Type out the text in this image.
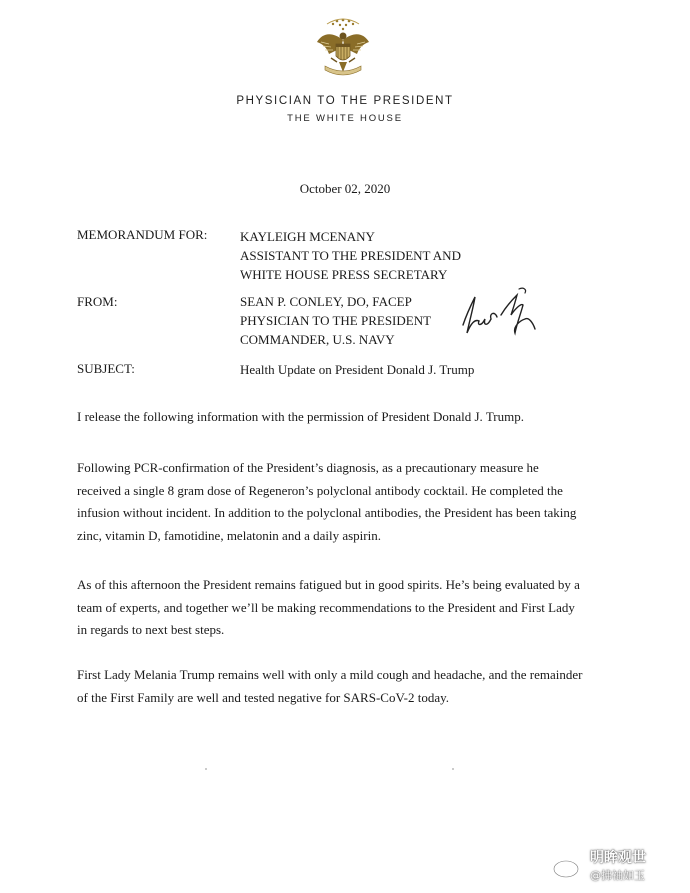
PHYSICIAN TO THE PRESIDENT
THE WHITE HOUSE
October 02, 2020
MEMORANDUM FOR:	KAYLEIGH MCENANY
ASSISTANT TO THE PRESIDENT AND
WHITE HOUSE PRESS SECRETARY
FROM:	SEAN P. CONLEY, DO, FACEP
PHYSICIAN TO THE PRESIDENT
COMMANDER, U.S. NAVY
SUBJECT:	Health Update on President Donald J. Trump
I release the following information with the permission of President Donald J. Trump.
Following PCR-confirmation of the President’s diagnosis, as a precautionary measure he
received a single 8 gram dose of Regeneron’s polyclonal antibody cocktail. He completed the
infusion without incident. In addition to the polyclonal antibodies, the President has been taking
zinc, vitamin D, famotidine, melatonin and a daily aspirin.
As of this afternoon the President remains fatigued but in good spirits. He’s being evaluated by a
team of experts, and together we’ll be making recommendations to the President and First Lady
in regards to next best steps.
First Lady Melania Trump remains well with only a mild cough and headache, and the remainder
of the First Family are well and tested negative for SARS-CoV-2 today.
明眸观世
@拂袖如玉
